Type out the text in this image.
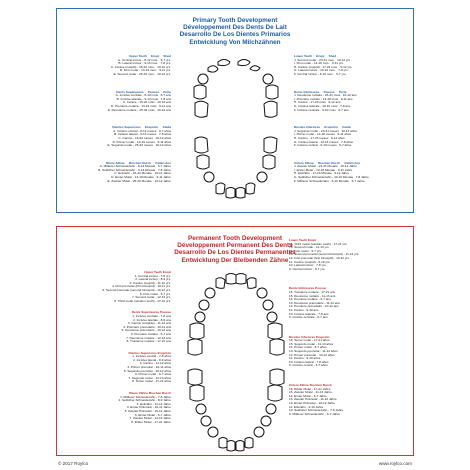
Primary Tooth Development
Développement Des Dents De Lait
Desarrollo De Los Dientes Primarios
Entwicklung Von Milchzähnen
Upper Teeth     Erupt     Shed
A. Central incisor - 8-12 mos.   6-7 yrs.
B. Lateral incisor - 9-13 mos.   7-8 yrs.
C. Canine (cuspid) - 16-22 mos.   10-12 yrs.
D. First molar - 13-19 mos.   9-11 yrs.
E. Second molar - 25-33 mos.   10-12 yrs.
Dents Supérieures     Pousse     Perte
A. Incisive centrale - 8-12 mois   6-7 ans
B. Incisive latérale - 9-13 mois   7-8 ans
C. Canine - 16-22 mois   10-12 ans
D. Première molaire - 13-19 mois   9-11 ans
E. Deuxième molaire - 25-33 mois   10-12 ans
Dientes Superiores     Erupción     Caída
A. Incisivo central - 8-12 meses   6-7 años
B. Incisivo lateral - 9-13 meses   7-8 años
C. Canino - 16-22 meses   10-12 años
D. Primer molar - 13-19 meses   9-11 años
E. Segundo molar - 25-33 meses   10-12 años
Obere Zähne     Brechen Durch     Fallen Aus
A. Mittlerer Schneidezahn - 8-12 Monate   6-7 Jahre
B. Seitlicher Schneidezahn - 9-13 Monate   7-8 Jahre
C. Eckzahn - 16-22 Monate   10-12 Jahre
D. Erster Molar - 13-19 Monate   9-11 Jahre
E. Zweiter Molar - 25-33 Monate   10-12 Jahre
Lower Teeth     Erupt     Shed
J. Second molar - 23-31 mos.   10-12 yrs.
I. First molar - 14-18 mos.   9-11 yrs.
H. Canine (cuspid) - 17-23 mos.   9-12 yrs.
G. Lateral incisor - 10-16 mos.   7-8 yrs.
F. Central incisor - 6-10 mos.   6-7 yrs.
Dents Inférieures     Pousse     Perte
J. Deuxième molaire - 23-31 mois   10-12 ans
I. Première molaire - 14-18 mois   9-11 ans
H. Canine - 17-23 mois   9-12 ans
G. Incisive latérale - 10-16 mois   7-8 ans
F. Incisive centrale - 6-10 mois   6-7 ans
Dientes Inferiores     Erupción     Caída
J. Segundo molar - 23-31 meses   10-12 años
I. Primer molar - 14-18 meses   9-11 años
H. Canino - 17-23 meses   9-12 años
G. Incisivo lateral - 10-16 meses   7-8 años
F. Incisivo central - 6-10 meses   6-7 años
Untere Zähne     Brechen Durch     Fallen Aus
J. Zweiter Molar - 23-31 Monate   10-12 Jahre
I. Erster Molar - 14-18 Monate   9-11 Jahre
H. Eckzahn - 17-23 Monate   9-12 Jahre
G. Seitlicher Schneidezahn - 10-16 Monate   7-8 Jahre
F. Mittlerer Schneidezahn - 6-10 Monate   6-7 Jahre
Permanent Tooth Development
Développement Permanent Des Dents
Desarrollo De Los Dientes Permanentes
Entwicklung Der Bleibenden Zähne
Upper Teeth Erupt
1. Central incisor - 7-8 yrs.
2. Lateral incisor - 8-9 yrs.
3. Canine (cuspid) - 11-12 yrs.
4. First premolar (first bicuspid) - 10-11 yrs.
5. Second premolar (second bicuspid) - 10-12 yrs.
6. First molar - 6-7 yrs.
7. Second molar - 12-13 yrs.
8. Third molar (wisdom tooth) - 17-21 yrs.
Dents Supérieures Pousse
1. Incisive centrale - 7-8 ans
2. Incisive latérale - 8-9 ans
3. Canine (cuspide) - 11-12 ans
4. Première prémolaire - 10-11 ans
5. Deuxième prémolaire - 10-12 ans
6. Première molaire - 6-7 ans
7. Deuxième molaire - 12-13 ans
8. Troisième molaire - 17-21 ans
Dientes Superiores Erupción
1. Incisivo central - 7-8 años
2. Incisivo lateral - 8-9 años
3. Canino - 11-12 años
4. Primer premolar - 10-11 años
5. Segundo premolar - 10-12 años
6. Primer molar - 6-7 años
7. Segundo molar - 12-13 años
8. Tercer molar - 17-21 años
Obere Zähne Brechen Durch
1. Mittlerer Schneidezahn - 7-8 Jahre
2. Seitlicher Schneidezahn - 8-9 Jahre
3. Eckzahn - 11-12 Jahre
4. Erster Prämolar - 10-11 Jahre
5. Zweiter Prämolar - 10-12 Jahre
6. Erster Molar - 6-7 Jahre
7. Zweiter Molar - 12-13 Jahre
8. Dritter Molar - 17-21 Jahre
Lower Teeth Erupt
16. Third molar (wisdom tooth) - 17-21 yrs.
15. Second molar - 11-13 yrs.
14. First molar - 6-7 yrs.
13. Second premolar (second bicuspid) - 11-12 yrs.
12. First premolar (first bicuspid) - 10-12 yrs.
11. Canine (cuspid) - 9-10 yrs.
10. Lateral incisor - 7-8 yrs.
9. Central incisor - 6-7 yrs.
Dents Inférieures Pousse
16. Troisième molaire - 17-21 ans
15. Deuxième molaire - 11-13 ans
14. Première molaire - 6-7 ans
13. Deuxième prémolaire - 11-12 ans
12. Première prémolaire - 10-12 ans
11. Canine - 9-10 ans
10. Incisive latérale - 7-8 ans
9. Incisive centrale - 6-7 ans
Dientes Inferiores Erupción
16. Tercer molar - 17-21 años
15. Segundo molar - 11-13 años
14. Primer molar - 6-7 años
13. Segundo premolar - 11-12 años
12. Primer premolar - 10-12 años
11. Canino - 9-10 años
10. Incisivo lateral - 7-8 años
9. Incisivo central - 6-7 años
Untere Zähne Brechen Durch
16. Dritter Molar - 17-21 Jahre
15. Zweiter Molar - 11-13 Jahre
14. Erster Molar - 6-7 Jahre
13. Zweiter Prämolar - 11-12 Jahre
12. Erster Prämolar - 10-12 Jahre
11. Eckzahn - 9-10 Jahre
10. Seitlicher Schneidezahn - 7-8 Jahre
9. Mittlerer Schneidezahn - 6-7 Jahre
© 2017 Roylco	www.roylco.com
